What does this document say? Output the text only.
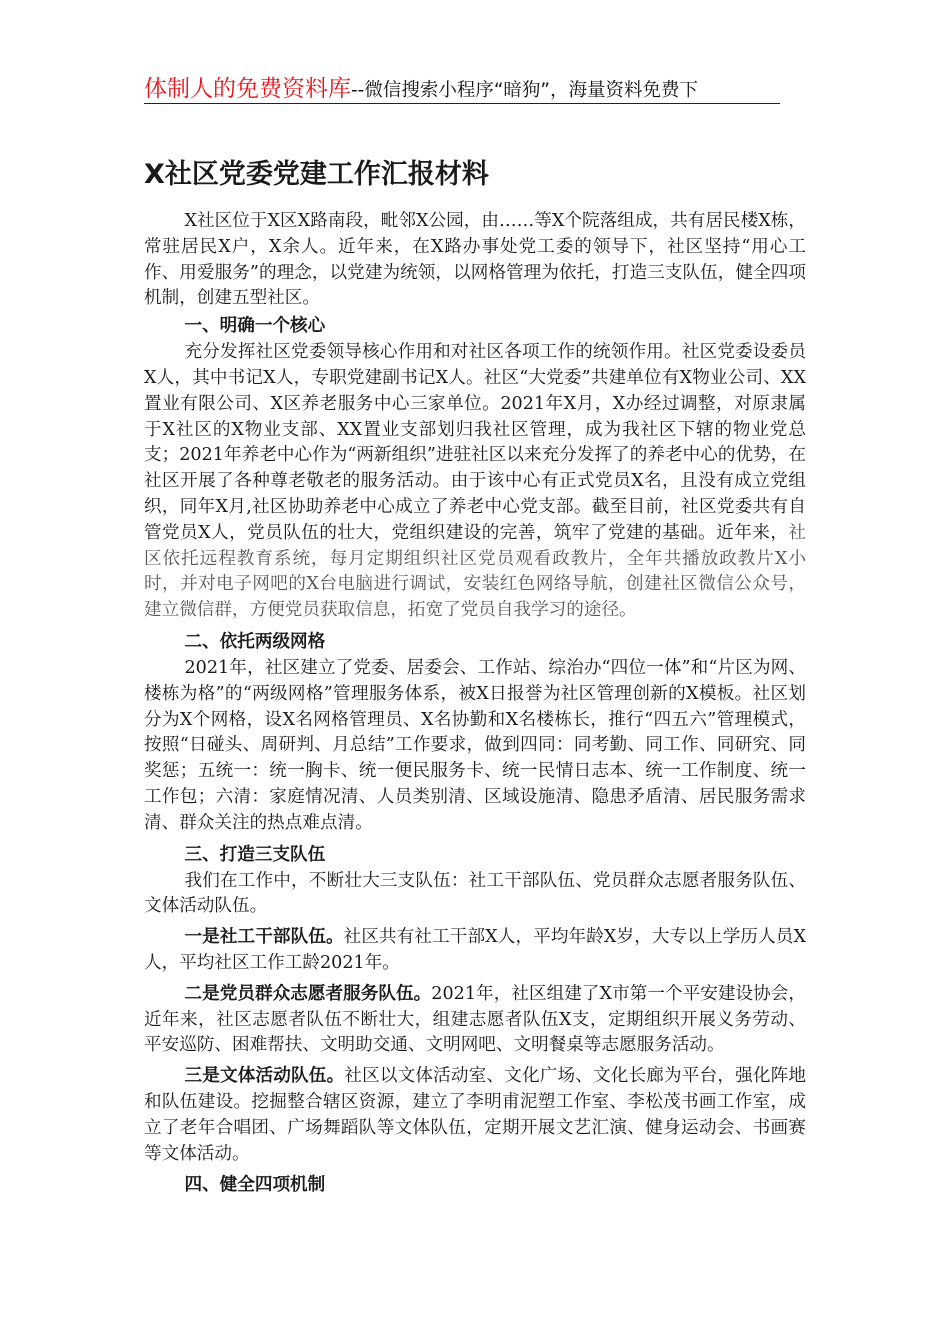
体制人的免费资料库--微信搜索小程序“暗狗”，海量资料免费下
X社区党委党建工作汇报材料

X社区位于X区X路南段，毗邻X公园，由……等X个院落组成，共有居民楼X栋，常驻居民X户，X余人。近年来，在X路办事处党工委的领导下，社区坚持“用心工作、用爱服务”的理念，以党建为统领，以网格管理为依托，打造三支队伍，健全四项机制，创建五型社区。

一、明确一个核心

充分发挥社区党委领导核心作用和对社区各项工作的统领作用。社区党委设委员X人，其中书记X人，专职党建副书记X人。社区“大党委”共建单位有X物业公司、XX置业有限公司、X区养老服务中心三家单位。2021年X月，X办经过调整，对原隶属于X社区的X物业支部、XX置业支部划归我社区管理，成为我社区下辖的物业党总支；2021年养老中心作为“两新组织”进驻社区以来充分发挥了的养老中心的优势，在社区开展了各种尊老敬老的服务活动。由于该中心有正式党员X名，且没有成立党组织，同年X月,社区协助养老中心成立了养老中心党支部。截至目前，社区党委共有自管党员X人，党员队伍的壮大，党组织建设的完善，筑牢了党建的基础。近年来，社区依托远程教育系统，每月定期组织社区党员观看政教片，全年共播放政教片X小时，并对电子网吧的X台电脑进行调试，安装红色网络导航，创建社区微信公众号，建立微信群，方便党员获取信息，拓宽了党员自我学习的途径。

二、依托两级网格

2021年，社区建立了党委、居委会、工作站、综治办“四位一体”和“片区为网、楼栋为格”的“两级网格”管理服务体系，被X日报誉为社区管理创新的X模板。社区划分为X个网格，设X名网格管理员、X名协勤和X名楼栋长，推行“四五六”管理模式，按照“日碰头、周研判、月总结”工作要求，做到四同：同考勤、同工作、同研究、同奖惩；五统一：统一胸卡、统一便民服务卡、统一民情日志本、统一工作制度、统一工作包；六清：家庭情况清、人员类别清、区域设施清、隐患矛盾清、居民服务需求清、群众关注的热点难点清。

三、打造三支队伍

我们在工作中，不断壮大三支队伍：社工干部队伍、党员群众志愿者服务队伍、文体活动队伍。

一是社工干部队伍。社区共有社工干部X人，平均年龄X岁，大专以上学历人员X人，平均社区工作工龄2021年。

二是党员群众志愿者服务队伍。2021年，社区组建了X市第一个平安建设协会，近年来，社区志愿者队伍不断壮大，组建志愿者队伍X支，定期组织开展义务劳动、平安巡防、困难帮扶、文明助交通、文明网吧、文明餐桌等志愿服务活动。

三是文体活动队伍。社区以文体活动室、文化广场、文化长廊为平台，强化阵地和队伍建设。挖掘整合辖区资源，建立了李明甫泥塑工作室、李松茂书画工作室，成立了老年合唱团、广场舞蹈队等文体队伍，定期开展文艺汇演、健身运动会、书画赛等文体活动。

四、健全四项机制
